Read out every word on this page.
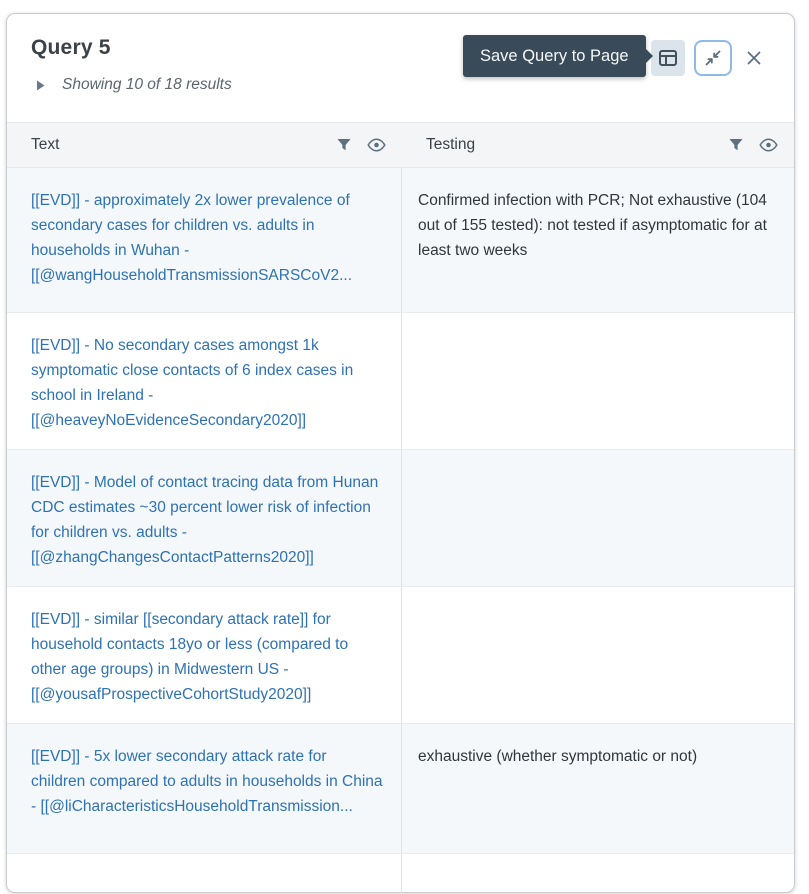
Query 5
Showing 10 of 18 results
Save Query to Page
Text	Testing
[[EVD]] - approximately 2x lower prevalence of secondary cases for children vs. adults in households in Wuhan - [[@wangHouseholdTransmissionSARSCoV2...
Confirmed infection with PCR; Not exhaustive (104 out of 155 tested): not tested if asymptomatic for at least two weeks
[[EVD]] - No secondary cases amongst 1k symptomatic close contacts of 6 index cases in school in Ireland - [[@heaveyNoEvidenceSecondary2020]]
[[EVD]] - Model of contact tracing data from Hunan CDC estimates ~30 percent lower risk of infection for children vs. adults - [[@zhangChangesContactPatterns2020]]
[[EVD]] - similar [[secondary attack rate]] for household contacts 18yo or less (compared to other age groups) in Midwestern US - [[@yousafProspectiveCohortStudy2020]]
[[EVD]] - 5x lower secondary attack rate for children compared to adults in households in China - [[@liCharacteristicsHouseholdTransmission...
exhaustive (whether symptomatic or not)
